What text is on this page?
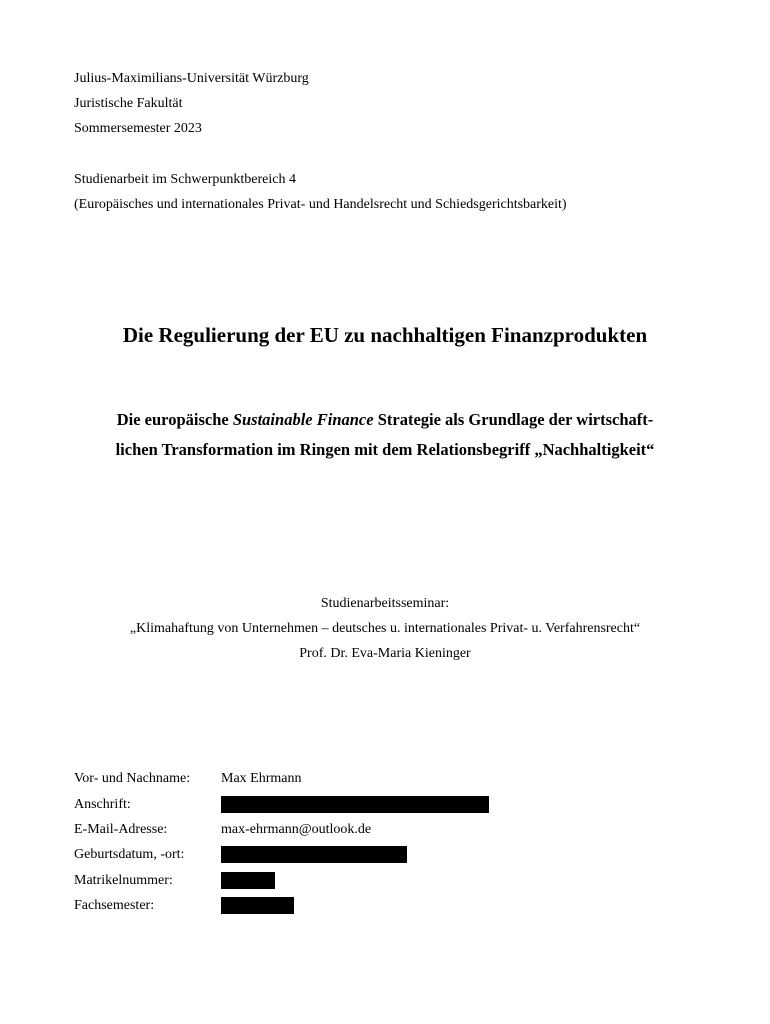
Julius-Maximilians-Universität Würzburg
Juristische Fakultät
Sommersemester 2023
Studienarbeit im Schwerpunktbereich 4
(Europäisches und internationales Privat- und Handelsrecht und Schiedsgerichtsbarkeit)
Die Regulierung der EU zu nachhaltigen Finanzprodukten
Die europäische Sustainable Finance Strategie als Grundlage der wirtschaft-
lichen Transformation im Ringen mit dem Relationsbegriff „Nachhaltigkeit“
Studienarbeitsseminar:
„Klimahaftung von Unternehmen – deutsches u. internationales Privat- u. Verfahrensrecht“
Prof. Dr. Eva-Maria Kieninger
Vor- und Nachname: Max Ehrmann
Anschrift:
E-Mail-Adresse:	max-ehrmann@outlook.de
Geburtsdatum, -ort:
Matrikelnummer:
Fachsemester:
